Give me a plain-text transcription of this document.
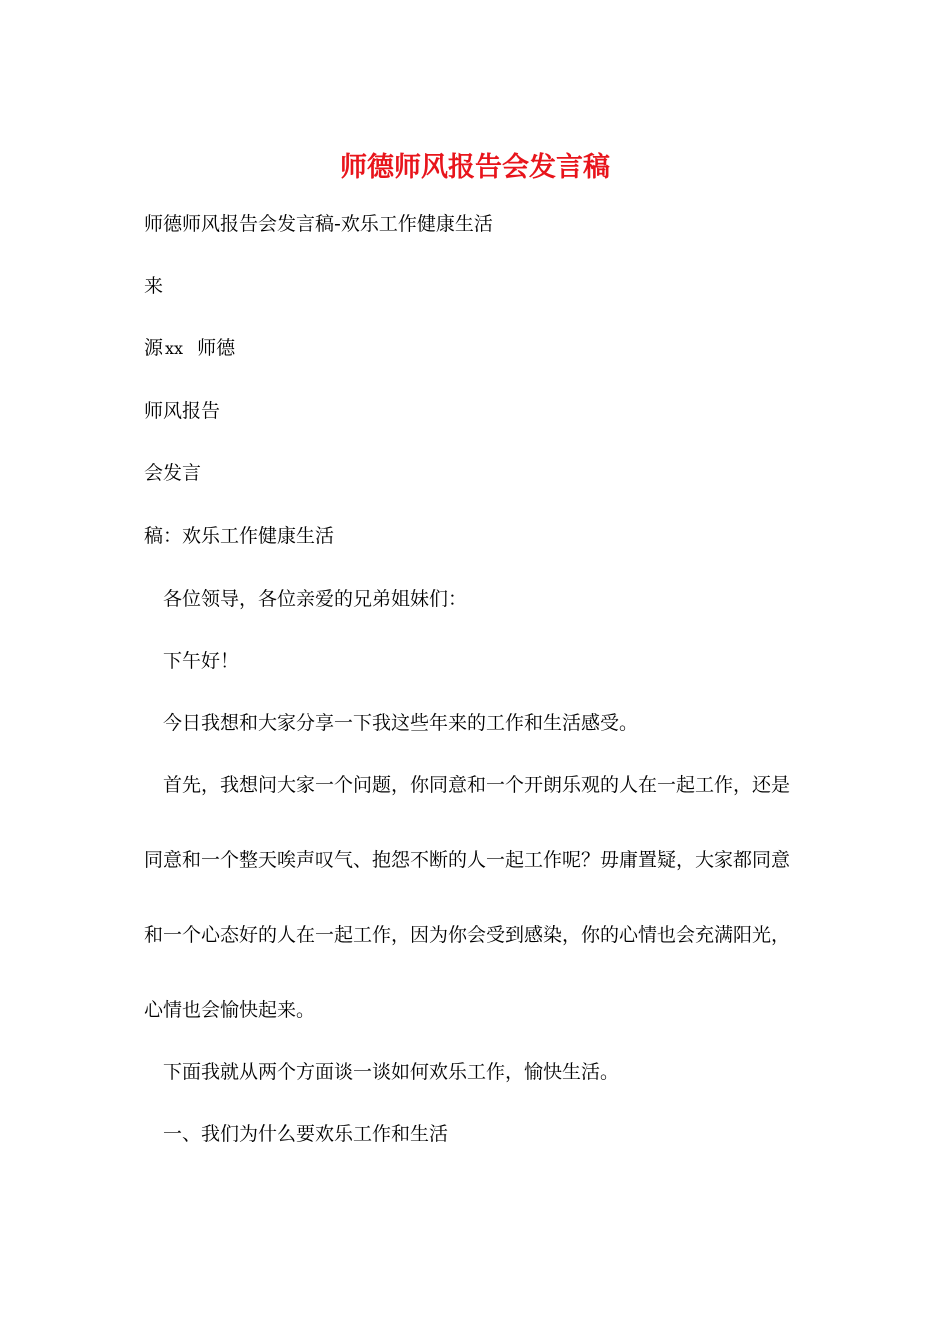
师德师风报告会发言稿

师德师风报告会发言稿-欢乐工作健康生活

来

源 xx 师德

师风报告

会发言

稿：欢乐工作健康生活

各位领导，各位亲爱的兄弟姐妹们：

下午好！

今日我想和大家分享一下我这些年来的工作和生活感受。

首先，我想问大家一个问题，你同意和一个开朗乐观的人在一起工作，还是

同意和一个整天唉声叹气、抱怨不断的人一起工作呢？毋庸置疑，大家都同意

和一个心态好的人在一起工作，因为你会受到感染，你的心情也会充满阳光，

心情也会愉快起来。

下面我就从两个方面谈一谈如何欢乐工作，愉快生活。

一、我们为什么要欢乐工作和生活
